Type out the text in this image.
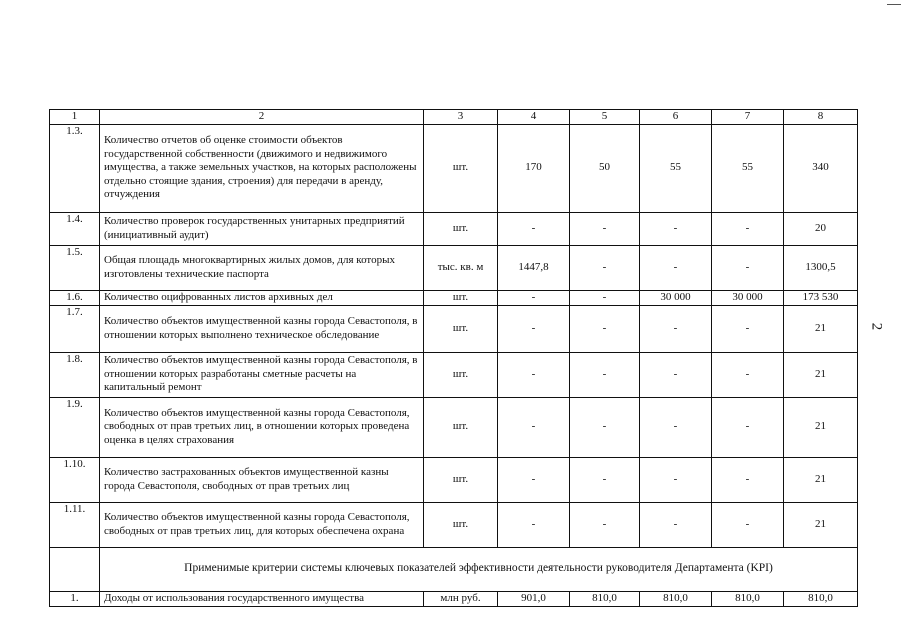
2
1	2	3	4	5	6	7	8
1.3.	Количество отчетов об оценке стоимости объектов государственной собственности (движимого и недвижимого имущества, а также земельных участков, на которых расположены отдельно стоящие здания, строения) для передачи в аренду, отчуждения	шт.	170	50	55	55	340
1.4.	Количество проверок государственных унитарных предприятий (инициативный аудит)	шт.	-	-	-	-	20
1.5.	Общая площадь многоквартирных жилых домов, для которых изготовлены технические паспорта	тыс. кв. м	1447,8	-	-	-	1300,5
1.6.	Количество оцифрованных листов архивных дел	шт.	-	-	30 000	30 000	173 530
1.7.	Количество объектов имущественной казны города Севастополя, в отношении которых выполнено техническое обследование	шт.	-	-	-	-	21
1.8.	Количество объектов имущественной казны города Севастополя, в отношении которых разработаны сметные расчеты на капитальный ремонт	шт.	-	-	-	-	21
1.9.	Количество объектов имущественной казны города Севастополя, свободных от прав третьих лиц, в отношении которых проведена оценка в целях страхования	шт.	-	-	-	-	21
1.10.	Количество застрахованных объектов имущественной казны города Севастополя, свободных от прав третьих лиц	шт.	-	-	-	-	21
1.11.	Количество объектов имущественной казны города Севастополя, свободных от прав третьих лиц, для которых обеспечена охрана	шт.	-	-	-	-	21
	Применимые критерии системы ключевых показателей эффективности деятельности руководителя Департамента (KPI)						
1.	Доходы от использования государственного имущества	млн руб.	901,0	810,0	810,0	810,0	810,0
